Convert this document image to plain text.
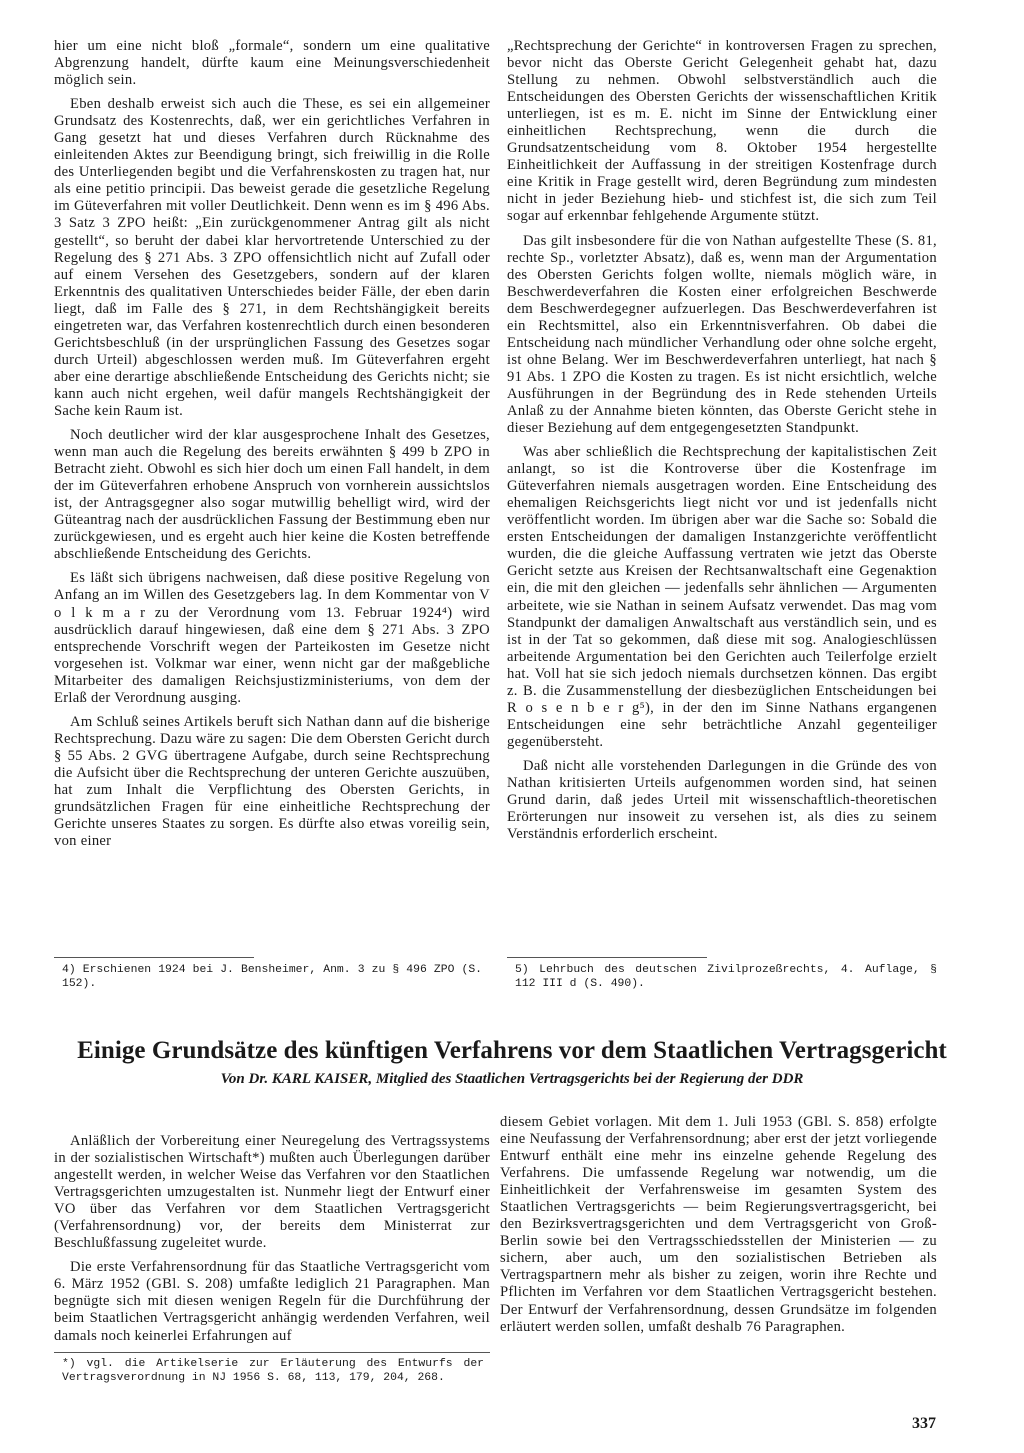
hier um eine nicht bloß „formale“, sondern um eine qualitative Abgrenzung handelt, dürfte kaum eine Meinungsverschiedenheit möglich sein.

Eben deshalb erweist sich auch die These, es sei ein allgemeiner Grundsatz des Kostenrechts, daß, wer ein gerichtliches Verfahren in Gang gesetzt hat und dieses Verfahren durch Rücknahme des einleitenden Aktes zur Beendigung bringt, sich freiwillig in die Rolle des Unterliegenden begibt und die Verfahrenskosten zu tragen hat, nur als eine petitio principii. Das beweist gerade die gesetzliche Regelung im Güteverfahren mit voller Deutlichkeit. Denn wenn es im § 496 Abs. 3 Satz 3 ZPO heißt: „Ein zurückgenommener Antrag gilt als nicht gestellt“, so beruht der dabei klar hervortretende Unterschied zu der Regelung des § 271 Abs. 3 ZPO offensichtlich nicht auf Zufall oder auf einem Versehen des Gesetzgebers, sondern auf der klaren Erkenntnis des qualitativen Unterschiedes beider Fälle, der eben darin liegt, daß im Falle des § 271, in dem Rechtshängigkeit bereits eingetreten war, das Verfahren kostenrechtlich durch einen besonderen Gerichtsbeschluß (in der ursprünglichen Fassung des Gesetzes sogar durch Urteil) abgeschlossen werden muß. Im Güteverfahren ergeht aber eine derartige abschließende Entscheidung des Gerichts nicht; sie kann auch nicht ergehen, weil dafür mangels Rechtshängigkeit der Sache kein Raum ist.

Noch deutlicher wird der klar ausgesprochene Inhalt des Gesetzes, wenn man auch die Regelung des bereits erwähnten § 499 b ZPO in Betracht zieht. Obwohl es sich hier doch um einen Fall handelt, in dem der im Güteverfahren erhobene Anspruch von vornherein aussichtslos ist, der Antragsgegner also sogar mutwillig behelligt wird, wird der Güteantrag nach der ausdrücklichen Fassung der Bestimmung eben nur zurückgewiesen, und es ergeht auch hier keine die Kosten betreffende abschließende Entscheidung des Gerichts.

Es läßt sich übrigens nachweisen, daß diese positive Regelung von Anfang an im Willen des Gesetzgebers lag. In dem Kommentar von V o l k m a r zu der Verordnung vom 13. Februar 1924⁴) wird ausdrücklich darauf hingewiesen, daß eine dem § 271 Abs. 3 ZPO entsprechende Vorschrift wegen der Parteikosten im Gesetze nicht vorgesehen ist. Volkmar war einer, wenn nicht gar der maßgebliche Mitarbeiter des damaligen Reichsjustizministeriums, von dem der Erlaß der Verordnung ausging.

Am Schluß seines Artikels beruft sich Nathan dann auf die bisherige Rechtsprechung. Dazu wäre zu sagen: Die dem Obersten Gericht durch § 55 Abs. 2 GVG übertragene Aufgabe, durch seine Rechtsprechung die Aufsicht über die Rechtsprechung der unteren Gerichte auszuüben, hat zum Inhalt die Verpflichtung des Obersten Gerichts, in grundsätzlichen Fragen für eine einheitliche Rechtsprechung der Gerichte unseres Staates zu sorgen. Es dürfte also etwas voreilig sein, von einer

„Rechtsprechung der Gerichte“ in kontroversen Fragen zu sprechen, bevor nicht das Oberste Gericht Gelegenheit gehabt hat, dazu Stellung zu nehmen. Obwohl selbstverständlich auch die Entscheidungen des Obersten Gerichts der wissenschaftlichen Kritik unterliegen, ist es m. E. nicht im Sinne der Entwicklung einer einheitlichen Rechtsprechung, wenn die durch die Grundsatzentscheidung vom 8. Oktober 1954 hergestellte Einheitlichkeit der Auffassung in der streitigen Kostenfrage durch eine Kritik in Frage gestellt wird, deren Begründung zum mindesten nicht in jeder Beziehung hieb- und stichfest ist, die sich zum Teil sogar auf erkennbar fehlgehende Argumente stützt.

Das gilt insbesondere für die von Nathan aufgestellte These (S. 81, rechte Sp., vorletzter Absatz), daß es, wenn man der Argumentation des Obersten Gerichts folgen wollte, niemals möglich wäre, in Beschwerdeverfahren die Kosten einer erfolgreichen Beschwerde dem Beschwerdegegner aufzuerlegen. Das Beschwerdeverfahren ist ein Rechtsmittel, also ein Erkenntnisverfahren. Ob dabei die Entscheidung nach mündlicher Verhandlung oder ohne solche ergeht, ist ohne Belang. Wer im Beschwerdeverfahren unterliegt, hat nach § 91 Abs. 1 ZPO die Kosten zu tragen. Es ist nicht ersichtlich, welche Ausführungen in der Begründung des in Rede stehenden Urteils Anlaß zu der Annahme bieten könnten, das Oberste Gericht stehe in dieser Beziehung auf dem entgegengesetzten Standpunkt.

Was aber schließlich die Rechtsprechung der kapitalistischen Zeit anlangt, so ist die Kontroverse über die Kostenfrage im Güteverfahren niemals ausgetragen worden. Eine Entscheidung des ehemaligen Reichsgerichts liegt nicht vor und ist jedenfalls nicht veröffentlicht worden. Im übrigen aber war die Sache so: Sobald die ersten Entscheidungen der damaligen Instanzgerichte veröffentlicht wurden, die die gleiche Auffassung vertraten wie jetzt das Oberste Gericht setzte aus Kreisen der Rechtsanwaltschaft eine Gegenaktion ein, die mit den gleichen — jedenfalls sehr ähnlichen — Argumenten arbeitete, wie sie Nathan in seinem Aufsatz verwendet. Das mag vom Standpunkt der damaligen Anwaltschaft aus verständlich sein, und es ist in der Tat so gekommen, daß diese mit sog. Analogieschlüssen arbeitende Argumentation bei den Gerichten auch Teilerfolge erzielt hat. Voll hat sie sich jedoch niemals durchsetzen können. Das ergibt z. B. die Zusammenstellung der diesbezüglichen Entscheidungen bei R o s e n b e r g⁵), in der den im Sinne Nathans ergangenen Entscheidungen eine sehr beträchtliche Anzahl gegenteiliger gegenübersteht.

Daß nicht alle vorstehenden Darlegungen in die Gründe des von Nathan kritisierten Urteils aufgenommen worden sind, hat seinen Grund darin, daß jedes Urteil mit wissenschaftlich-theoretischen Erörterungen nur insoweit zu versehen ist, als dies zu seinem Verständnis erforderlich erscheint.

4) Erschienen 1924 bei J. Bensheimer, Anm. 3 zu § 496 ZPO (S. 152).
5) Lehrbuch des deutschen Zivilprozeßrechts, 4. Auflage, § 112 III d (S. 490).
Einige Grundsätze des künftigen Verfahrens vor dem Staatlichen Vertragsgericht

Von Dr. KARL KAISER, Mitglied des Staatlichen Vertragsgerichts bei der Regierung der DDR

Anläßlich der Vorbereitung einer Neuregelung des Vertragssystems in der sozialistischen Wirtschaft*) mußten auch Überlegungen darüber angestellt werden, in welcher Weise das Verfahren vor den Staatlichen Vertragsgerichten umzugestalten ist. Nunmehr liegt der Entwurf einer VO über das Verfahren vor dem Staatlichen Vertragsgericht (Verfahrensordnung) vor, der bereits dem Ministerrat zur Beschlußfassung zugeleitet wurde.

Die erste Verfahrensordnung für das Staatliche Vertragsgericht vom 6. März 1952 (GBl. S. 208) umfaßte lediglich 21 Paragraphen. Man begnügte sich mit diesen wenigen Regeln für die Durchführung der beim Staatlichen Vertragsgericht anhängig werdenden Verfahren, weil damals noch keinerlei Erfahrungen auf

diesem Gebiet vorlagen. Mit dem 1. Juli 1953 (GBl. S. 858) erfolgte eine Neufassung der Verfahrensordnung; aber erst der jetzt vorliegende Entwurf enthält eine mehr ins einzelne gehende Regelung des Verfahrens. Die umfassende Regelung war notwendig, um die Einheitlichkeit der Verfahrensweise im gesamten System des Staatlichen Vertragsgerichts — beim Regierungsvertragsgericht, bei den Bezirksvertragsgerichten und dem Vertragsgericht von Groß-Berlin sowie bei den Vertragsschiedsstellen der Ministerien — zu sichern, aber auch, um den sozialistischen Betrieben als Vertragspartnern mehr als bisher zu zeigen, worin ihre Rechte und Pflichten im Verfahren vor dem Staatlichen Vertragsgericht bestehen. Der Entwurf der Verfahrensordnung, dessen Grundsätze im folgenden erläutert werden sollen, umfaßt deshalb 76 Paragraphen.

*) vgl. die Artikelserie zur Erläuterung des Entwurfs der Vertragsverordnung in NJ 1956 S. 68, 113, 179, 204, 268.
337
